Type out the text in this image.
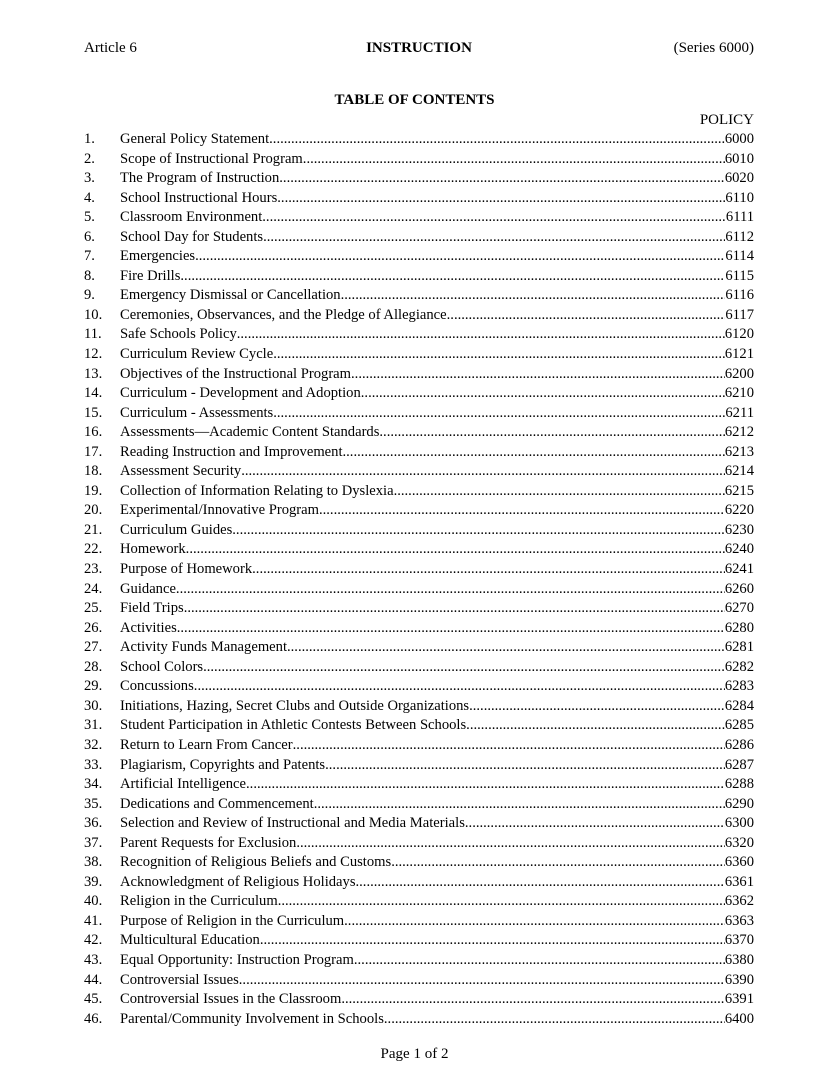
Article 6	INSTRUCTION	(Series 6000)
TABLE OF CONTENTS
POLICY
1.	General Policy Statement .....	6000
2.	Scope of Instructional Program .....	6010
3.	The Program of Instruction .....	6020
4.	School Instructional Hours .....	6110
5.	Classroom Environment .....	6111
6.	School Day for Students .....	6112
7.	Emergencies .....	6114
8.	Fire Drills .....	6115
9.	Emergency Dismissal or Cancellation .....	6116
10.	Ceremonies, Observances, and the Pledge of Allegiance .....	6117
11.	Safe Schools Policy .....	6120
12.	Curriculum Review Cycle .....	6121
13.	Objectives of the Instructional Program .....	6200
14.	Curriculum - Development and Adoption .....	6210
15.	Curriculum - Assessments .....	6211
16.	Assessments—Academic Content Standards .....	6212
17.	Reading Instruction and Improvement .....	6213
18.	Assessment Security .....	6214
19.	Collection of Information Relating to Dyslexia .....	6215
20.	Experimental/Innovative Program .....	6220
21.	Curriculum Guides .....	6230
22.	Homework .....	6240
23.	Purpose of Homework .....	6241
24.	Guidance .....	6260
25.	Field Trips .....	6270
26.	Activities .....	6280
27.	Activity Funds Management .....	6281
28.	School Colors .....	6282
29.	Concussions .....	6283
30.	Initiations, Hazing, Secret Clubs and Outside Organizations .....	6284
31.	Student Participation in Athletic Contests Between Schools .....	6285
32.	Return to Learn From Cancer .....	6286
33.	Plagiarism, Copyrights and Patents .....	6287
34.	Artificial Intelligence .....	6288
35.	Dedications and Commencement .....	6290
36.	Selection and Review of Instructional and Media Materials .....	6300
37.	Parent Requests for Exclusion .....	6320
38.	Recognition of Religious Beliefs and Customs .....	6360
39.	Acknowledgment of Religious Holidays .....	6361
40.	Religion in the Curriculum .....	6362
41.	Purpose of Religion in the Curriculum .....	6363
42.	Multicultural Education .....	6370
43.	Equal Opportunity: Instruction Program .....	6380
44.	Controversial Issues .....	6390
45.	Controversial Issues in the Classroom .....	6391
46.	Parental/Community Involvement in Schools .....	6400
Page 1 of 2
